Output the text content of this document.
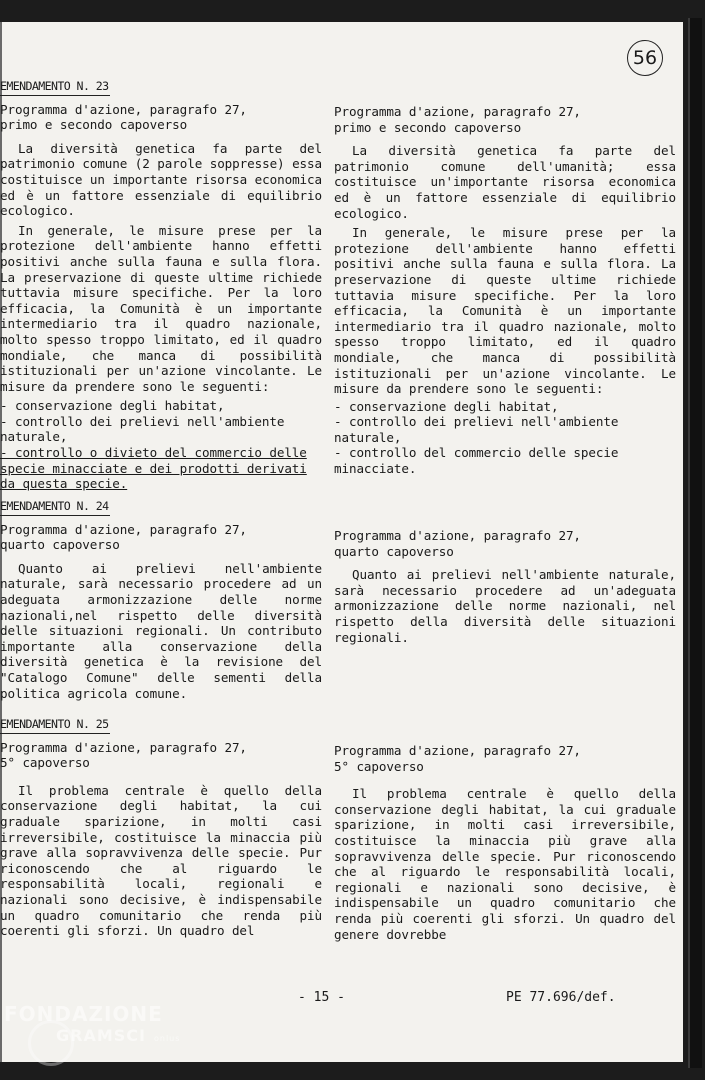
56
EMENDAMENTO N. 23
Programma d'azione, paragrafo 27,
primo e secondo capoverso
La diversità genetica fa parte del patrimonio comune (2 parole soppresse) essa costituisce un importante risorsa economica ed è un fattore essenziale di equilibrio ecologico.
In generale, le misure prese per la protezione dell'ambiente hanno effetti positivi anche sulla fauna e sulla flora. La preservazione di queste ultime richiede tuttavia misure specifiche. Per la loro efficacia, la Comunità è un importante intermediario tra il quadro nazionale, molto spesso troppo limitato, ed il quadro mondiale, che manca di possibilità istituzionali per un'azione vincolante. Le misure da prendere sono le seguenti:
- conservazione degli habitat,
- controllo dei prelievi nell'ambiente naturale,
- controllo o divieto del commercio delle specie minacciate e dei prodotti derivati da questa specie.
Programma d'azione, paragrafo 27,
primo e secondo capoverso
La diversità genetica fa parte del patrimonio comune dell'umanità; essa costituisce un'importante risorsa economica ed è un fattore essenziale di equilibrio ecologico.
In generale, le misure prese per la protezione dell'ambiente hanno effetti positivi anche sulla fauna e sulla flora. La preservazione di queste ultime richiede tuttavia misure specifiche. Per la loro efficacia, la Comunità è un importante intermediario tra il quadro nazionale, molto spesso troppo limitato, ed il quadro mondiale, che manca di possibilità istituzionali per un'azione vincolante. Le misure da prendere sono le seguenti:
- conservazione degli habitat,
- controllo dei prelievi nell'ambiente naturale,
- controllo del commercio delle specie minacciate.
EMENDAMENTO N. 24
Programma d'azione, paragrafo 27,
quarto capoverso
Quanto ai prelievi nell'ambiente naturale, sarà necessario procedere ad un adeguata armonizzazione delle norme nazionali,nel rispetto delle diversità delle situazioni regionali. Un contributo importante alla conservazione della diversità genetica è la revisione del "Catalogo Comune" delle sementi della politica agricola comune.
Programma d'azione, paragrafo 27,
quarto capoverso
Quanto ai prelievi nell'ambiente naturale, sarà necessario procedere ad un'adeguata armonizzazione delle norme nazionali, nel rispetto della diversità delle situazioni regionali.
EMENDAMENTO N. 25
Programma d'azione, paragrafo 27,
5° capoverso
Il problema centrale è quello della conservazione degli habitat, la cui graduale sparizione, in molti casi irreversibile, costituisce la minaccia più grave alla sopravvivenza delle specie. Pur riconoscendo che al riguardo le responsabilità locali, regionali e nazionali sono decisive, è indispensabile un quadro comunitario che renda più coerenti gli sforzi. Un quadro del
Programma d'azione, paragrafo 27,
5° capoverso
Il problema centrale è quello della conservazione degli habitat, la cui graduale sparizione, in molti casi irreversibile, costituisce la minaccia più grave alla sopravvivenza delle specie. Pur riconoscendo che al riguardo le responsabilità locali, regionali e nazionali sono decisive, è indispensabile un quadro comunitario che renda più coerenti gli sforzi. Un quadro del genere dovrebbe
- 15 -	PE 77.696/def.
FONDAZIONE
GRAMSCI onlus
